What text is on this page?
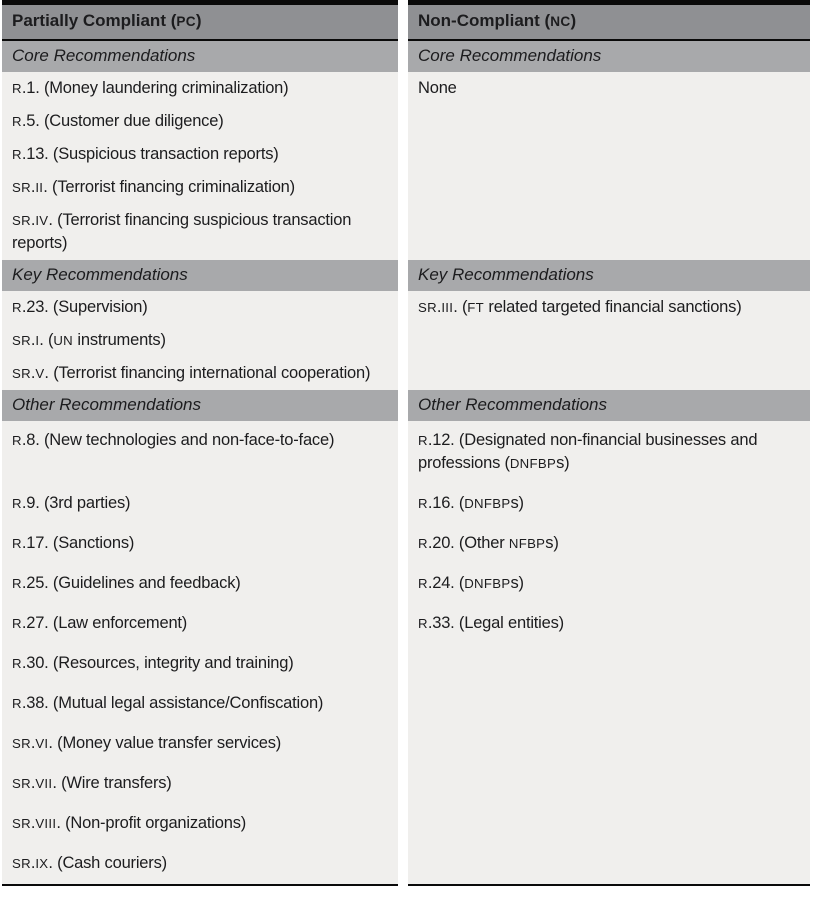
Partially Compliant (PC)	Non-Compliant (NC)
Core Recommendations	Core Recommendations
R.1. (Money laundering criminalization)	None
R.5. (Customer due diligence)
R.13. (Suspicious transaction reports)
SR.II. (Terrorist financing criminalization)
SR.IV. (Terrorist financing suspicious transaction reports)
Key Recommendations	Key Recommendations
R.23. (Supervision)	SR.III. (FT related targeted financial sanctions)
SR.I. (UN instruments)
SR.V. (Terrorist financing international cooperation)
Other Recommendations	Other Recommendations
R.8. (New technologies and non-face-to-face)	R.12. (Designated non-financial businesses and professions (DNFBPs)
R.9. (3rd parties)	R.16. (DNFBPs)
R.17. (Sanctions)	R.20. (Other NFBPs)
R.25. (Guidelines and feedback)	R.24. (DNFBPs)
R.27. (Law enforcement)	R.33. (Legal entities)
R.30. (Resources, integrity and training)
R.38. (Mutual legal assistance/Confiscation)
SR.VI. (Money value transfer services)
SR.VII. (Wire transfers)
SR.VIII. (Non-profit organizations)
SR.IX. (Cash couriers)
